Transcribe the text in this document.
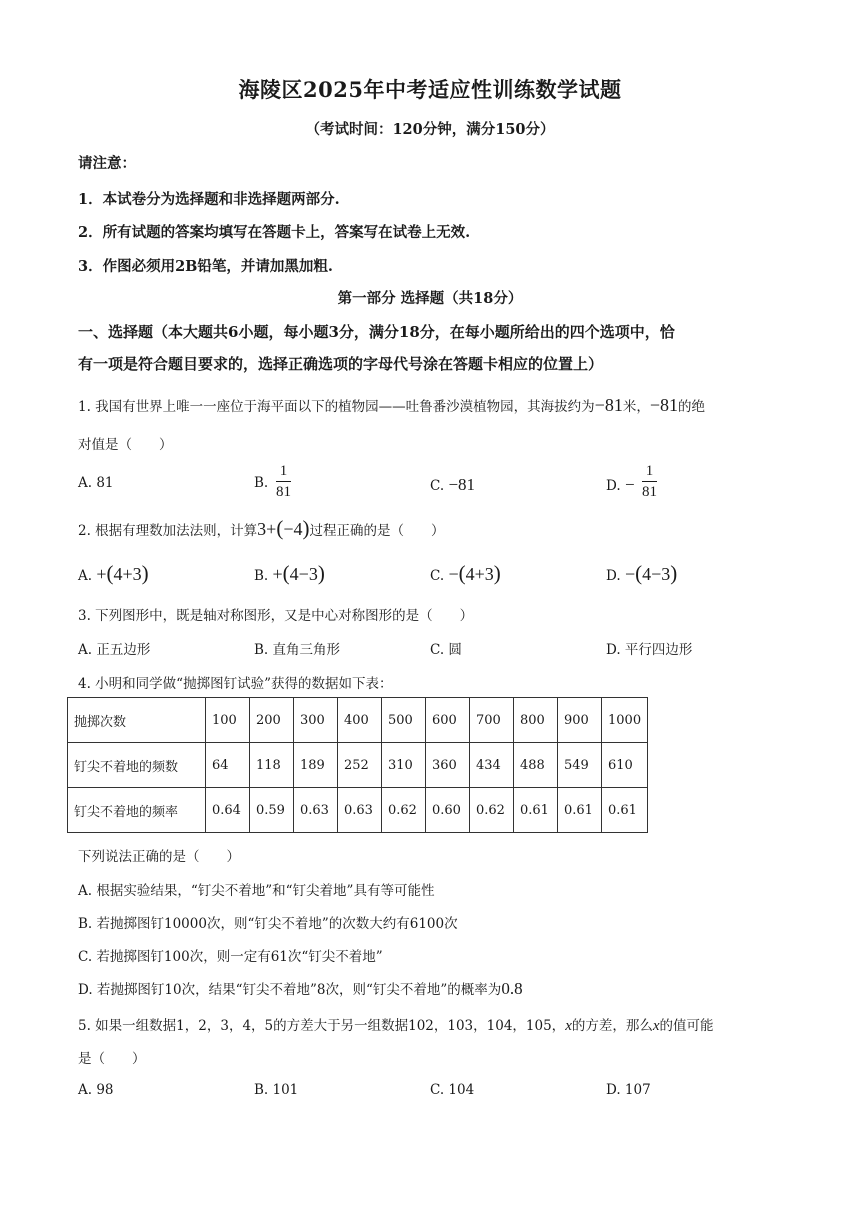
海陵区2025年中考适应性训练数学试题
（考试时间：120分钟，满分150分）
请注意：
1．本试卷分为选择题和非选择题两部分.
2．所有试题的答案均填写在答题卡上，答案写在试卷上无效.
3．作图必须用2B铅笔，并请加黑加粗.
第一部分 选择题（共18分）
一、选择题（本大题共6小题，每小题3分，满分18分，在每小题所给出的四个选项中，恰
有一项是符合题目要求的，选择正确选项的字母代号涂在答题卡相应的位置上）
1. 我国有世界上唯一一座位于海平面以下的植物园——吐鲁番沙漠植物园，其海拔约为−81米，−81的绝
对值是（　　）
A. 81	B.
1
81	C. −81	D. −
1
81
2. 根据有理数加法法则，计算3+(−4)过程正确的是（　　）
A. +(4+3)	B. +(4−3)	C. −(4+3)	D. −(4−3)
3. 下列图形中，既是轴对称图形，又是中心对称图形的是（　　）
A. 正五边形	B. 直角三角形	C. 圆	D. 平行四边形
4. 小明和同学做“抛掷图钉试验”获得的数据如下表：
抛掷次数	100	200	300	400	500	600	700	800	900	1000
钉尖不着地的频数	64	118	189	252	310	360	434	488	549	610
钉尖不着地的频率	0.64	0.59	0.63	0.63	0.62	0.60	0.62	0.61	0.61	0.61
下列说法正确的是（　　）
A. 根据实验结果，“钉尖不着地”和“钉尖着地”具有等可能性
B. 若抛掷图钉10000次，则“钉尖不着地”的次数大约有6100次
C. 若抛掷图钉100次，则一定有61次“钉尖不着地”
D. 若抛掷图钉10次，结果“钉尖不着地”8次，则“钉尖不着地”的概率为0.8
5. 如果一组数据1，2，3，4，5的方差大于另一组数据102，103，104，105，x的方差，那么x的值可能
是（　　）
A. 98	B. 101	C. 104	D. 107
